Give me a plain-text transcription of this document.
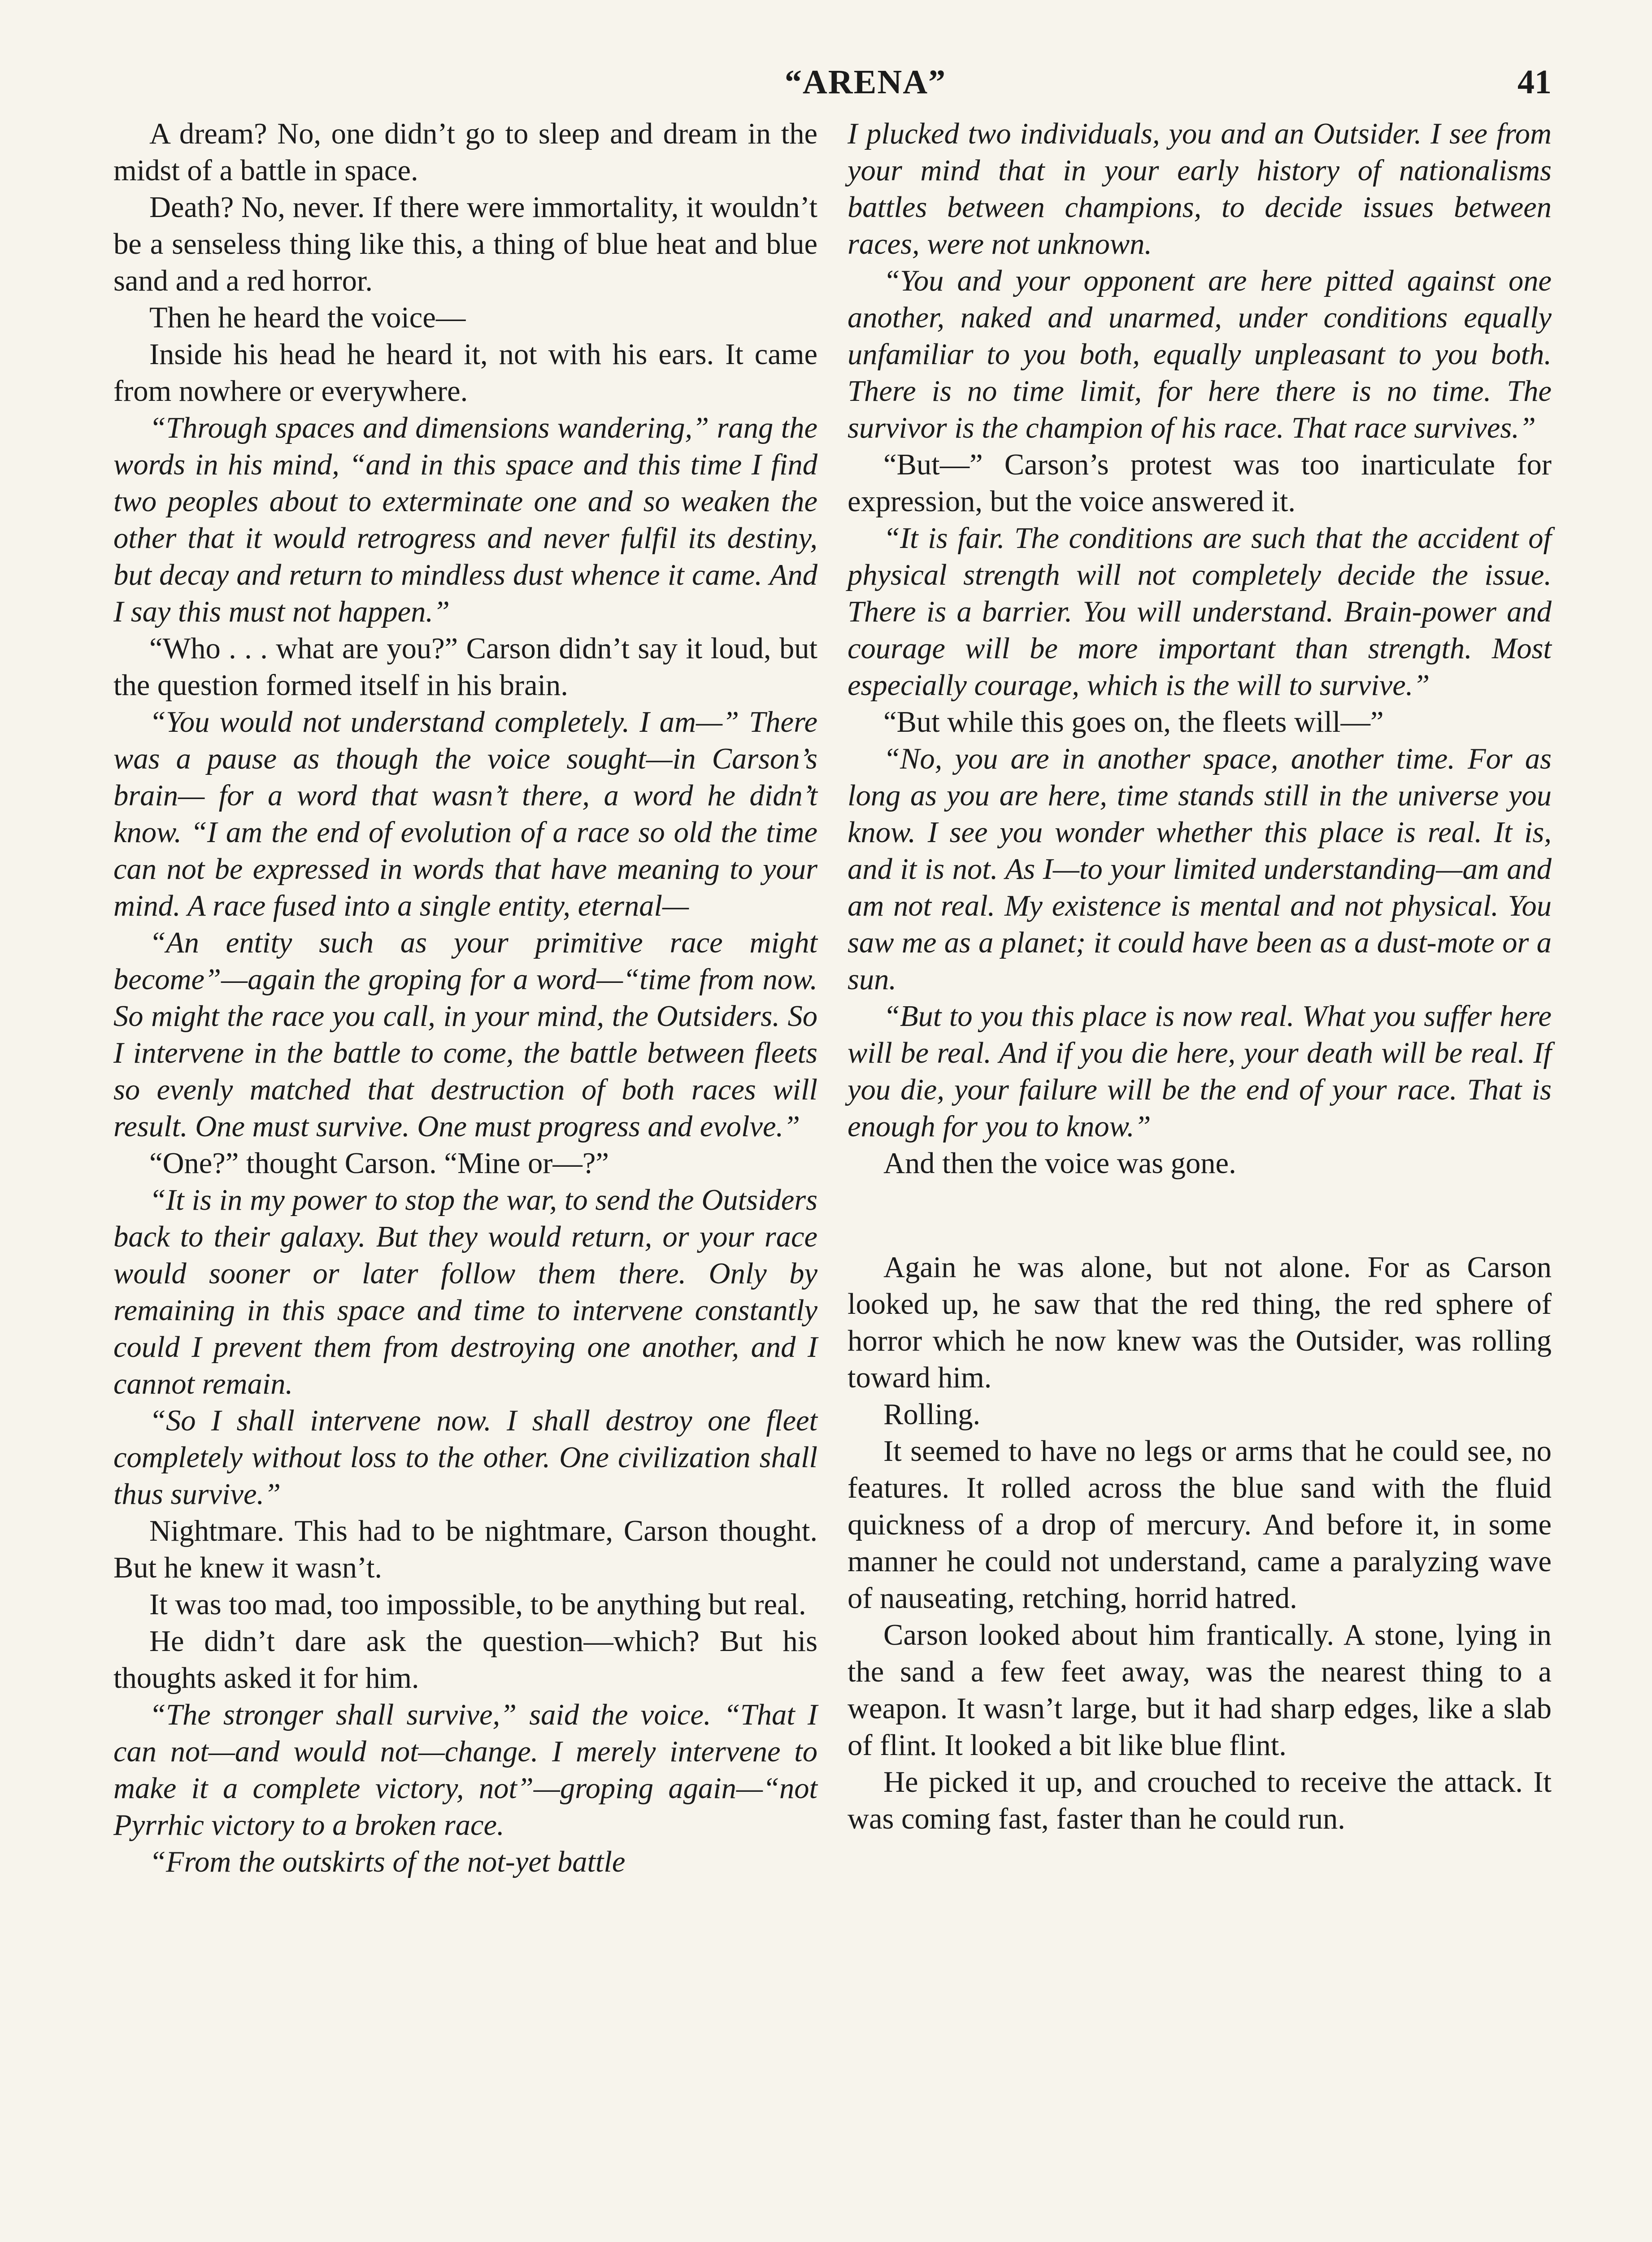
“ARENA”	41

A dream? No, one didn’t go to sleep and dream in the midst of a battle in space.

Death? No, never. If there were immortality, it wouldn’t be a senseless thing like this, a thing of blue heat and blue sand and a red horror.

Then he heard the voice—

Inside his head he heard it, not with his ears. It came from nowhere or everywhere.

“Through spaces and dimensions wandering,” rang the words in his mind, “and in this space and this time I find two peoples about to exterminate one and so weaken the other that it would retrogress and never fulfil its destiny, but decay and return to mindless dust whence it came. And I say this must not happen.”

“Who . . . what are you?” Carson didn’t say it loud, but the question formed itself in his brain.

“You would not understand completely. I am—” There was a pause as though the voice sought—in Carson’s brain— for a word that wasn’t there, a word he didn’t know. “I am the end of evolution of a race so old the time can not be expressed in words that have meaning to your mind. A race fused into a single entity, eternal—

“An entity such as your primitive race might become”—again the groping for a word—“time from now. So might the race you call, in your mind, the Outsiders. So I intervene in the battle to come, the battle between fleets so evenly matched that destruction of both races will result. One must survive. One must progress and evolve.”

“One?” thought Carson. “Mine or—?”

“It is in my power to stop the war, to send the Outsiders back to their galaxy. But they would return, or your race would sooner or later follow them there. Only by remaining in this space and time to intervene constantly could I prevent them from destroying one another, and I cannot remain.

“So I shall intervene now. I shall destroy one fleet completely without loss to the other. One civilization shall thus survive.”

Nightmare. This had to be nightmare, Carson thought. But he knew it wasn’t.

It was too mad, too impossible, to be anything but real.

He didn’t dare ask the question—which? But his thoughts asked it for him.

“The stronger shall survive,” said the voice. “That I can not—and would not—change. I merely intervene to make it a complete victory, not”—groping again—“not Pyrrhic victory to a broken race.

“From the outskirts of the not-yet battle

I plucked two individuals, you and an Outsider. I see from your mind that in your early history of nationalisms battles between champions, to decide issues between races, were not unknown.

“You and your opponent are here pitted against one another, naked and unarmed, under conditions equally unfamiliar to you both, equally unpleasant to you both. There is no time limit, for here there is no time. The survivor is the champion of his race. That race survives.”

“But—” Carson’s protest was too inarticulate for expression, but the voice answered it.

“It is fair. The conditions are such that the accident of physical strength will not completely decide the issue. There is a barrier. You will understand. Brain-power and courage will be more important than strength. Most especially courage, which is the will to survive.”

“But while this goes on, the fleets will—”

“No, you are in another space, another time. For as long as you are here, time stands still in the universe you know. I see you wonder whether this place is real. It is, and it is not. As I—to your limited understanding—am and am not real. My existence is mental and not physical. You saw me as a planet; it could have been as a dust-mote or a sun.

“But to you this place is now real. What you suffer here will be real. And if you die here, your death will be real. If you die, your failure will be the end of your race. That is enough for you to know.”

And then the voice was gone.

Again he was alone, but not alone. For as Carson looked up, he saw that the red thing, the red sphere of horror which he now knew was the Outsider, was rolling toward him.

Rolling.

It seemed to have no legs or arms that he could see, no features. It rolled across the blue sand with the fluid quickness of a drop of mercury. And before it, in some manner he could not understand, came a paralyzing wave of nauseating, retching, horrid hatred.

Carson looked about him frantically. A stone, lying in the sand a few feet away, was the nearest thing to a weapon. It wasn’t large, but it had sharp edges, like a slab of flint. It looked a bit like blue flint.

He picked it up, and crouched to receive the attack. It was coming fast, faster than he could run.
